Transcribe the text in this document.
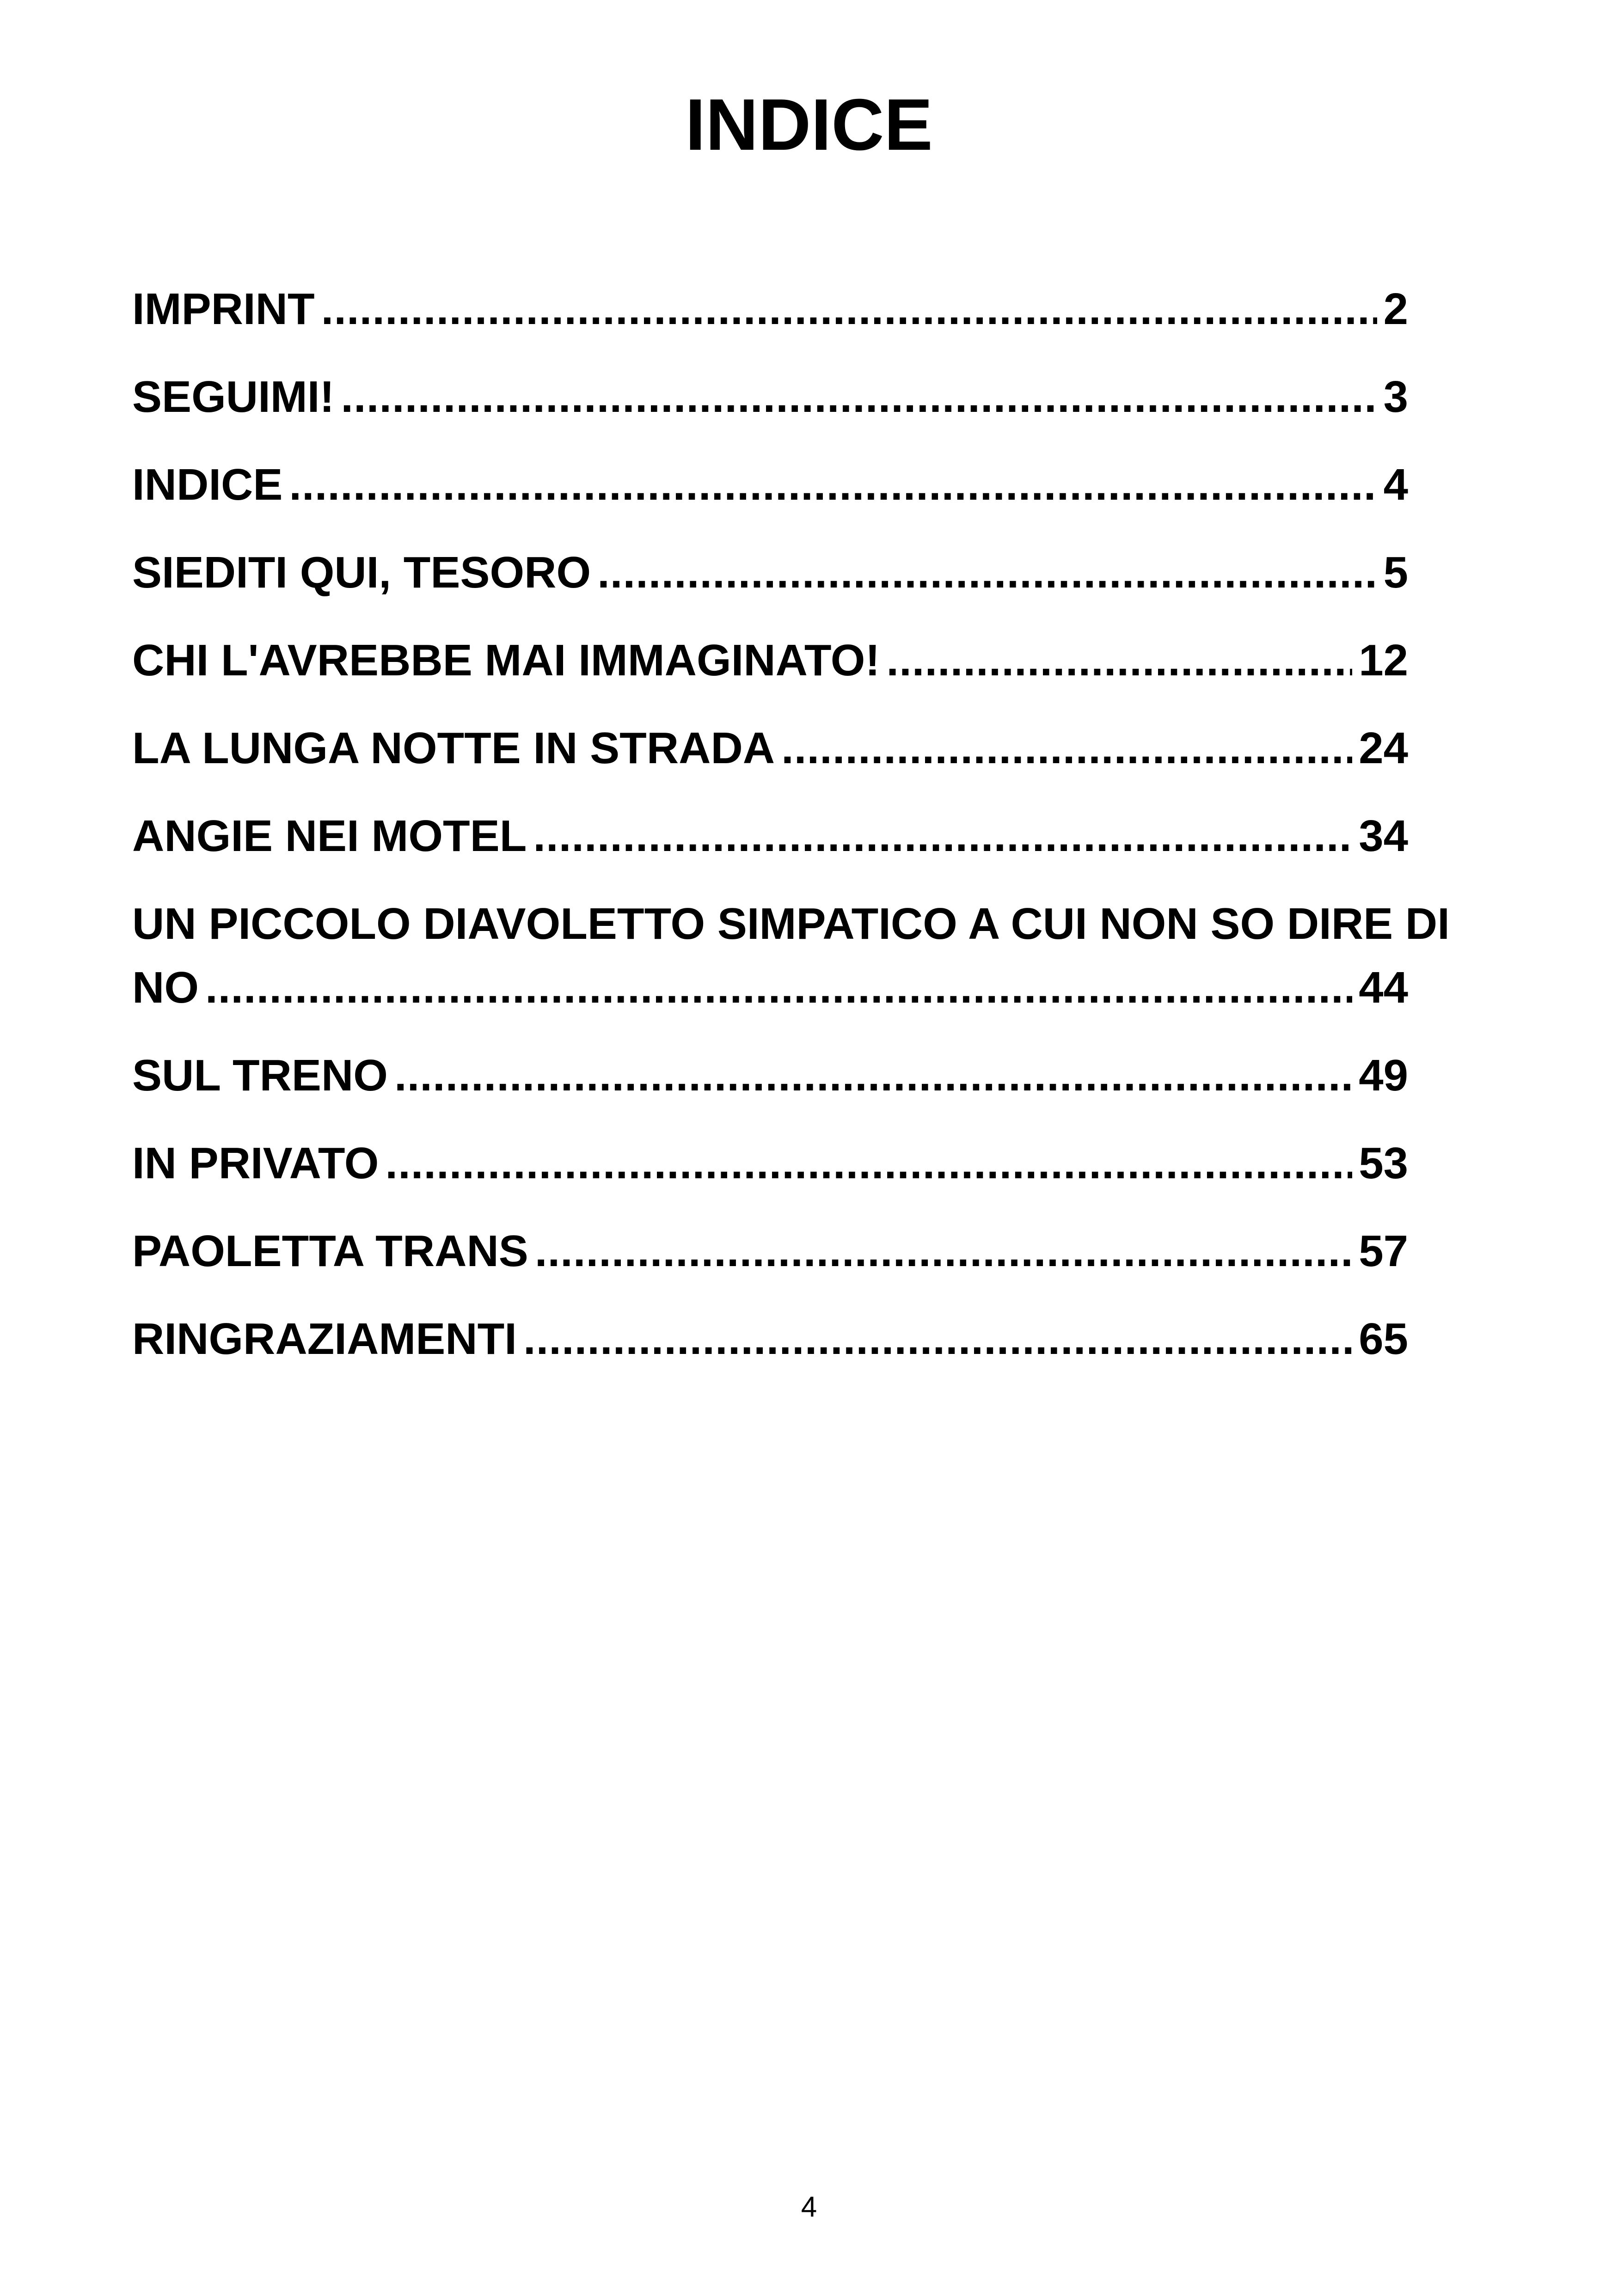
INDICE
IMPRINT .....	2
SEGUIMI! .....	3
INDICE .....	4
SIEDITI QUI, TESORO .....	5
CHI L'AVREBBE MAI IMMAGINATO! .....	12
LA LUNGA NOTTE IN STRADA .....	24
ANGIE NEI MOTEL .....	34
UN PICCOLO DIAVOLETTO SIMPATICO A CUI NON SO DIRE DI
NO .....	44
SUL TRENO .....	49
IN PRIVATO .....	53
PAOLETTA TRANS .....	57
RINGRAZIAMENTI .....	65
4
